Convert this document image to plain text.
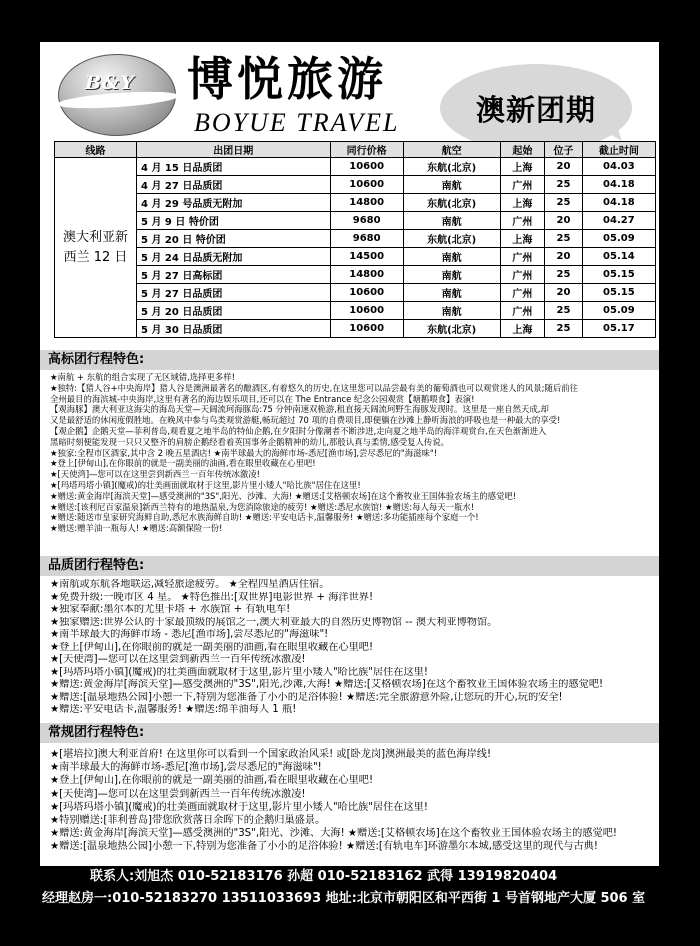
B&Y 博悦旅游
BOYUE TRAVEL	澳新团期
线路	出团日期	同行价格	航空	起始	位子	截止时间

澳大利亚新
西兰 12 日	4 月 15 日品质团	10600	东航(北京)	上海	20	04.03
	4 月 27 日品质团	10600	南航	广州	25	04.18
	4 月 29 号品质无附加	14800	东航(北京)	上海	25	04.18
	5 月 9 日 特价团	9680	南航	广州	20	04.27
	5 月 20 日 特价团	9680	东航(北京)	上海	25	05.09
	5 月 24 日品质无附加	14500	南航	广州	20	05.14
	5 月 27 日高标团	14800	南航	广州	25	05.15
	5 月 27 日品质团	10600	南航	广州	20	05.15
	5 月 20 日品质团	10600	南航	广州	25	05.09
	5 月 30 日品质团	10600	东航(北京)	上海	25	05.17
高标团行程特色:

★南航 + 东航的组合实现了无区域错,选择更多样!

★独特:【猎人谷+中央海岸】猎人谷是澳洲最著名的酿酒区,有着悠久的历史,在这里您可以品尝最有美的葡萄酒也可以观赏迷人的风景;随后前往

全州最目的海滨城-中央海岸,这里有著名的海边娱乐项目,还可以在 The Entrance 纪念公园观赏【塘鹅喂食】表演!

【观海豚】澳大利亚这海尖的海岛天堂—天阔流珂海豚岛:75 分钟南速双桅游,租直接天阔流珂野生海豚发现时。这里是一座自然天成,却

又是最舒适的休闲度假胜地。在晚风中参与鸟类观赏游艇,畅玩超过 70 项的自费项目,即便躺在沙滩上静听海浪的呼吸也是一种最大的享受!

【观企鹅】企鹅天堂—菲利普岛,观看夏之地半岛的特仙企鹅,在夕阳时分像潮者不断涉进,走向夏之地半岛的海洋观赏台,在天色渐渐进入

黑暗时刻便能发现一只只又整齐的肩膀企鹅经看着英国事务企鹅精神的幼儿,那般认真与柔情,感受复人传说。

★独家:全程市区酒家,其中含 2 晚五星酒店! ★南半球最大的海鲜市场-悉尼[渔市场],尝尽悉尼的"海滋味"!

★登上[伊甸山],在你眼前的就是一副美丽的油画,看在眼里收藏在心里吧!

★[天使湾]—您可以在这里尝到新西兰一百年传统冰激凌!

★[玛塔玛塔小镇](魔戒)的壮美画面就取材于这里,影片里小矮人"哈比族"居住在这里!

★赠送:黄金海岸[海滨天堂]—感受澳洲的"3S",阳光、沙滩、大海! ★赠送:[艾格顿农场]在这个畜牧业王国体验农场主的感觉吧!

★赠送:[该利尼百家温泉]新西兰特有的地热温泉,为您消除旅途的疲劳! ★赠送:悉尼水族馆! ★赠送:每人每天一瓶水!

★赠送:随送市皇家研究海鲜自助,悉尼水族海鲜自助! ★赠送:平安电话卡,温馨服务! ★赠送:多功能插座每个家庭一个!

★赠送:赠羊油一瓶每人! ★赠送:高额保险一份!

品质团行程特色:

★南航或东航各地联运,减轻旅途疲劳。 ★全程四星酒店住宿。

★免费升级:一晚市区 4 星。 ★特色推出:[双世界]电影世界 + 海洋世界!

★独家奉献:墨尔本的尤里卡塔 + 水族馆 + 有轨电车!

★独家赠送:世界公认的十家最顶级的展馆之一,澳大利亚最大的自然历史博物馆 -- 澳大利亚博物馆。

★南半球最大的海鲜市场 - 悉尼[渔市场],尝尽悉尼的"海滋味"!

★登上[伊甸山],在你眼前的就是一副美丽的油画,看在眼里收藏在心里吧!

★[天使湾]—您可以在这里尝到新西兰一百年传统冰激凌!

★[玛塔玛塔小镇](魔戒)的壮美画面就取材于这里,影片里小矮人"哈比族"居住在这里!

★赠送:黄金海岸[海滨天堂]—感受澳洲的"3S",阳光,沙滩,大海! ★赠送:[艾格顿农场]在这个畜牧业王国体验农场主的感觉吧!

★赠送:[温泉地热公园]小憩一下,特别为您准备了小小的足浴体验! ★赠送:完全旅游意外险,让您玩的开心,玩的安全!

★赠送:平安电话卡,温馨服务! ★赠送:绵羊油每人 1 瓶!

常规团行程特色:

★[堪培拉]澳大利亚首府! 在这里你可以看到一个国家政治风采! 或[卧龙岗]澳洲最美的蓝色海岸线!

★南半球最大的海鲜市场-悉尼[渔市场],尝尽悉尼的"海滋味"!

★登上[伊甸山],在你眼前的就是一副美丽的油画,看在眼里收藏在心里吧!

★[天使湾]—您可以在这里尝到新西兰一百年传统冰激凌!

★[玛塔玛塔小镇](魔戒)的壮美画面就取材于这里,影片里小矮人"哈比族"居住在这里!

★特别赠送:[菲利普岛]带您欣赏落日余晖下的企鹅归巢盛景。

★赠送:黄金海岸[海滨天堂]—感受澳洲的"3S",阳光、沙滩、大海! ★赠送:[艾格顿农场]在这个畜牧业王国体验农场主的感觉吧!

★赠送:[温泉地热公园]小憩一下,特别为您准备了小小的足浴体验! ★赠送:[有轨电车]环游墨尔本城,感受这里的现代与古典!

联系人:刘旭杰 010-52183176 孙超 010-52183162 武得 13919820404

经理赵房一:010-52183270 13511033693 地址:北京市朝阳区和平西街 1 号首钢地产大厦 506 室
